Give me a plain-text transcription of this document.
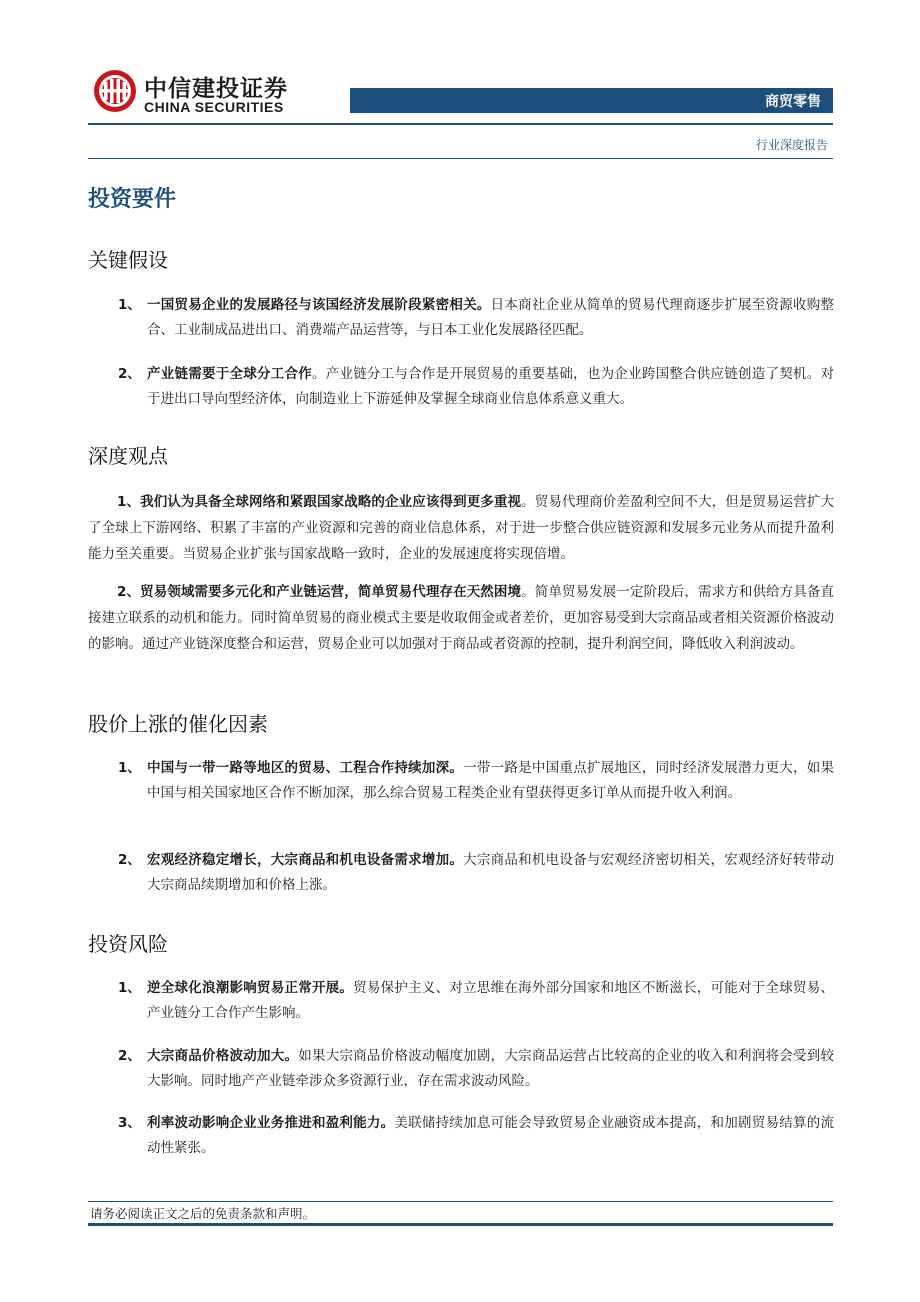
中信建投证券
CHINA SECURITIES	商贸零售
行业深度报告
投资要件
关键假设
1、 一国贸易企业的发展路径与该国经济发展阶段紧密相关。日本商社企业从简单的贸易代理商逐步扩展至资源收购整合、工业制成品进出口、消费端产品运营等，与日本工业化发展路径匹配。
2、 产业链需要于全球分工合作。产业链分工与合作是开展贸易的重要基础，也为企业跨国整合供应链创造了契机。对于进出口导向型经济体，向制造业上下游延伸及掌握全球商业信息体系意义重大。
深度观点
1、我们认为具备全球网络和紧跟国家战略的企业应该得到更多重视。贸易代理商价差盈利空间不大，但是贸易运营扩大了全球上下游网络、积累了丰富的产业资源和完善的商业信息体系，对于进一步整合供应链资源和发展多元业务从而提升盈利能力至关重要。当贸易企业扩张与国家战略一致时，企业的发展速度将实现倍增。
2、贸易领域需要多元化和产业链运营，简单贸易代理存在天然困境。简单贸易发展一定阶段后，需求方和供给方具备直接建立联系的动机和能力。同时简单贸易的商业模式主要是收取佣金或者差价，更加容易受到大宗商品或者相关资源价格波动的影响。通过产业链深度整合和运营，贸易企业可以加强对于商品或者资源的控制，提升利润空间，降低收入利润波动。
股价上涨的催化因素
1、 中国与一带一路等地区的贸易、工程合作持续加深。一带一路是中国重点扩展地区，同时经济发展潜力更大，如果中国与相关国家地区合作不断加深，那么综合贸易工程类企业有望获得更多订单从而提升收入利润。
2、 宏观经济稳定增长，大宗商品和机电设备需求增加。大宗商品和机电设备与宏观经济密切相关，宏观经济好转带动大宗商品续期增加和价格上涨。
投资风险
1、 逆全球化浪潮影响贸易正常开展。贸易保护主义、对立思维在海外部分国家和地区不断滋长，可能对于全球贸易、产业链分工合作产生影响。
2、 大宗商品价格波动加大。如果大宗商品价格波动幅度加剧，大宗商品运营占比较高的企业的收入和利润将会受到较大影响。同时地产产业链牵涉众多资源行业，存在需求波动风险。
3、 利率波动影响企业业务推进和盈利能力。美联储持续加息可能会导致贸易企业融资成本提高，和加剧贸易结算的流动性紧张。
请务必阅读正文之后的免责条款和声明。
